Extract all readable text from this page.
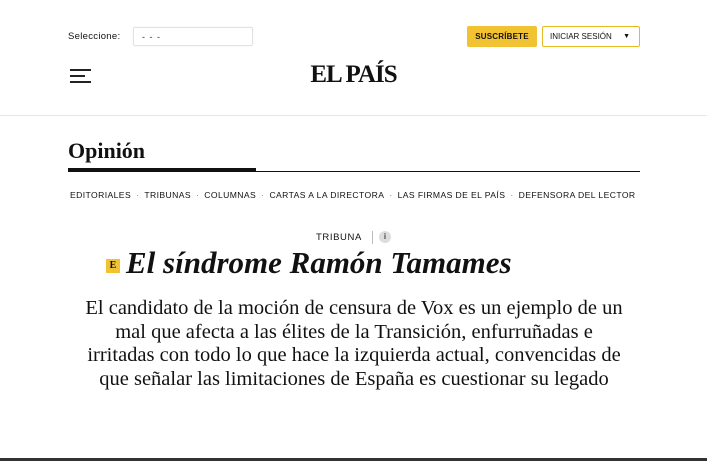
Seleccione:	- - -	SUSCRÍBETE	INICIAR SESIÓN ▼
EL PAÍS
Opinión
EDITORIALES · TRIBUNAS · COLUMNAS · CARTAS A LA DIRECTORA · LAS FIRMAS DE EL PAÍS · DEFENSORA DEL LECTOR
TRIBUNA	i
E El síndrome Ramón Tamames

El candidato de la moción de censura de Vox es un ejemplo de un mal que afecta a las élites de la Transición, enfurruñadas e irritadas con todo lo que hace la izquierda actual, convencidas de que señalar las limitaciones de España es cuestionar su legado
